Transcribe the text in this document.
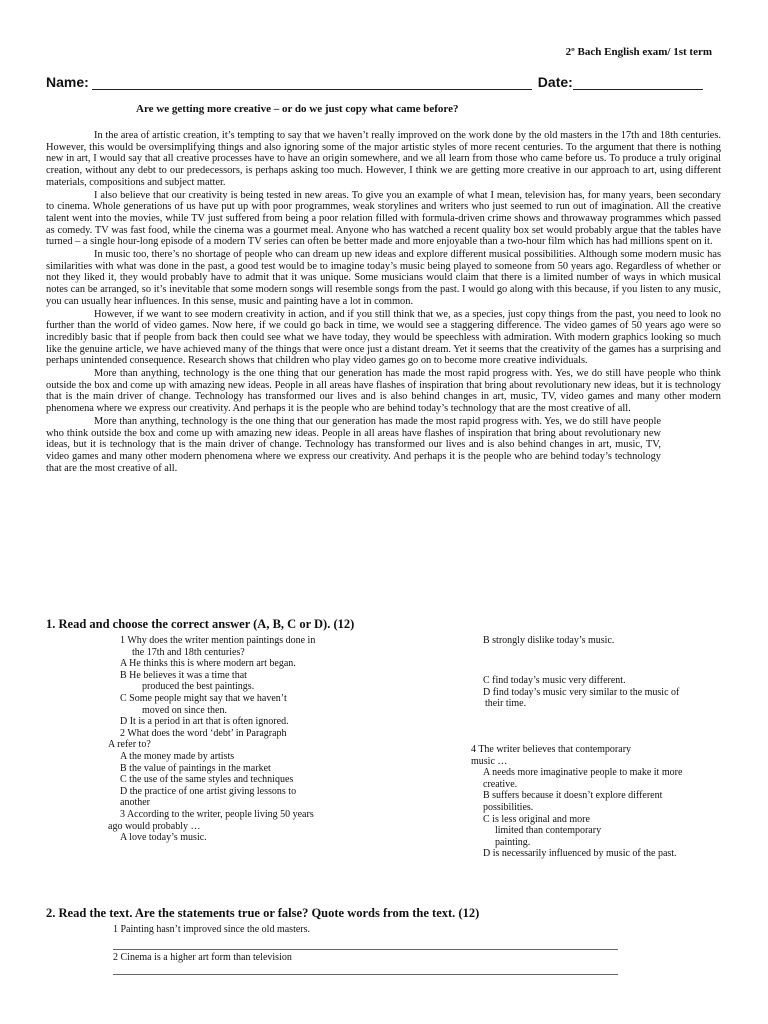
2º Bach English exam/ 1st term
Name:	Date:
Are we getting more creative – or do we just copy what came before?

In the area of artistic creation, it’s tempting to say that we haven’t really improved on the work done by the old masters in the 17th and 18th centuries. However, this would be oversimplifying things and also ignoring some of the major artistic styles of more recent centuries. To the argument that there is nothing new in art, I would say that all creative processes have to have an origin somewhere, and we all learn from those who came before us. To produce a truly original creation, without any debt to our predecessors, is perhaps asking too much. However, I think we are getting more creative in our approach to art, using different materials, compositions and subject matter.

I also believe that our creativity is being tested in new areas. To give you an example of what I mean, television has, for many years, been secondary to cinema. Whole generations of us have put up with poor programmes, weak storylines and writers who just seemed to run out of imagination. All the creative talent went into the movies, while TV just suffered from being a poor relation filled with formula-driven crime shows and throwaway programmes which passed as comedy. TV was fast food, while the cinema was a gourmet meal. Anyone who has watched a recent quality box set would probably argue that the tables have turned – a single hour-long episode of a modern TV series can often be better made and more enjoyable than a two-hour film which has had millions spent on it.

In music too, there’s no shortage of people who can dream up new ideas and explore different musical possibilities. Although some modern music has similarities with what was done in the past, a good test would be to imagine today’s music being played to someone from 50 years ago. Regardless of whether or not they liked it, they would probably have to admit that it was unique. Some musicians would claim that there is a limited number of ways in which musical notes can be arranged, so it’s inevitable that some modern songs will resemble songs from the past. I would go along with this because, if you listen to any music, you can usually hear influences. In this sense, music and painting have a lot in common.

However, if we want to see modern creativity in action, and if you still think that we, as a species, just copy things from the past, you need to look no further than the world of video games. Now here, if we could go back in time, we would see a staggering difference. The video games of 50 years ago were so incredibly basic that if people from back then could see what we have today, they would be speechless with admiration. With modern graphics looking so much like the genuine article, we have achieved many of the things that were once just a distant dream. Yet it seems that the creativity of the games has a surprising and perhaps unintended consequence. Research shows that children who play video games go on to become more creative individuals.

More than anything, technology is the one thing that our generation has made the most rapid progress with. Yes, we do still have people who think outside the box and come up with amazing new ideas. People in all areas have flashes of inspiration that bring about revolutionary new ideas, but it is technology that is the main driver of change. Technology has transformed our lives and is also behind changes in art, music, TV, video games and many other modern phenomena where we express our creativity. And perhaps it is the people who are behind today’s technology that are the most creative of all.

More than anything, technology is the one thing that our generation has made the most rapid progress with. Yes, we do still have people who think outside the box and come up with amazing new ideas. People in all areas have flashes of inspiration that bring about revolutionary new ideas, but it is technology that is the main driver of change. Technology has transformed our lives and is also behind changes in art, music, TV, video games and many other modern phenomena where we express our creativity. And perhaps it is the people who are behind today’s technology that are the most creative of all.

1. Read and choose the correct answer (A, B, C or D). (12)
1 Why does the writer mention paintings done in
the 17th and 18th centuries?
A He thinks this is where modern art began.
B He believes it was a time that
produced the best paintings.
C Some people might say that we haven’t
moved on since then.
D It is a period in art that is often ignored.
2 What does the word ‘debt’ in Paragraph
A refer to?
A the money made by artists
B the value of paintings in the market
C the use of the same styles and techniques
D the practice of one artist giving lessons to
another
3 According to the writer, people living 50 years
ago would probably …
A love today’s music.
B strongly dislike today’s music.
C find today’s music very different.
D find today’s music very similar to the music of
their time.
4 The writer believes that contemporary
music …
A needs more imaginative people to make it more
creative.
B suffers because it doesn’t explore different
possibilities.
C is less original and more
limited than contemporary
painting.
D is necessarily influenced by music of the past.
2. Read the text. Are the statements true or false? Quote words from the text. (12)
1 Painting hasn’t improved since the old masters.
2 Cinema is a higher art form than television
